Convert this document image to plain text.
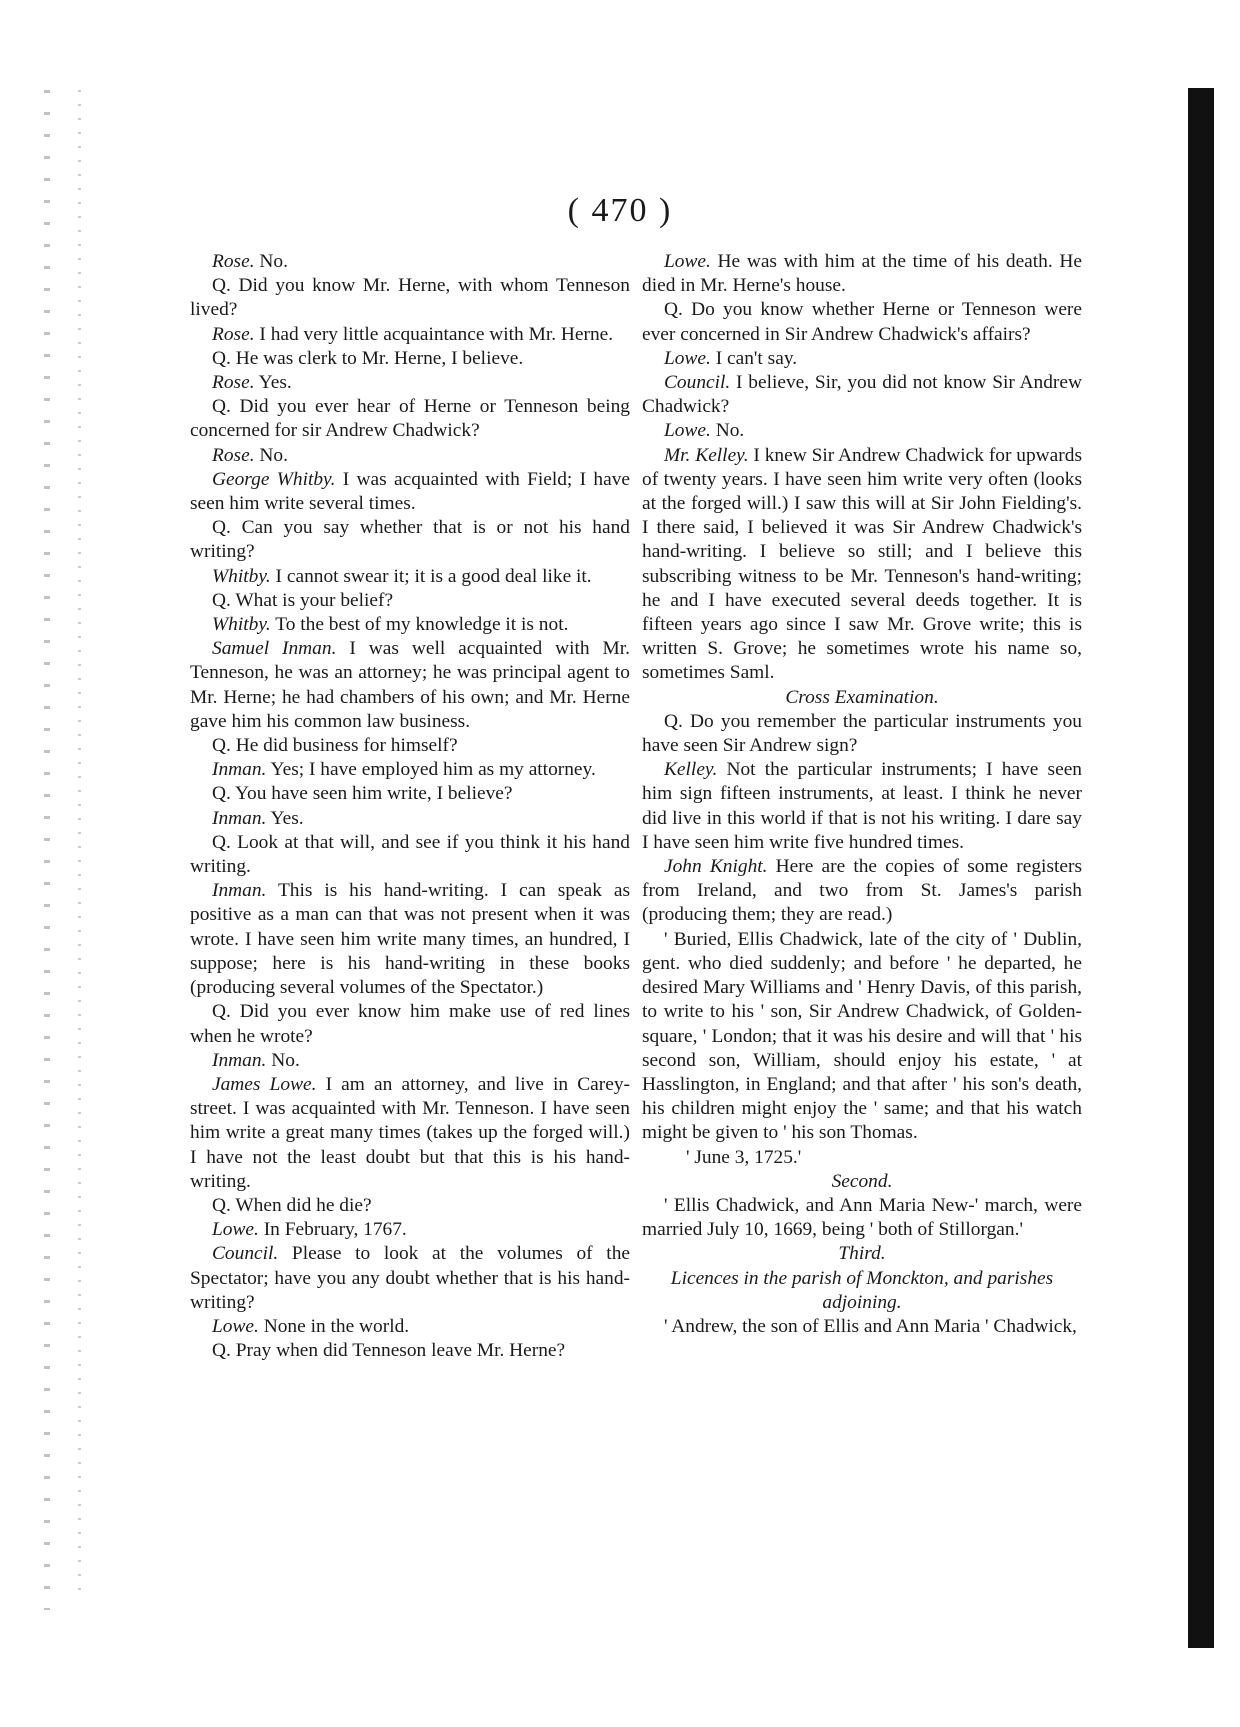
( 470 )

Rose. No.

Q. Did you know Mr. Herne, with whom Tenneson lived?

Rose. I had very little acquaintance with Mr. Herne.

Q. He was clerk to Mr. Herne, I believe.

Rose. Yes.

Q. Did you ever hear of Herne or Tenneson being concerned for sir Andrew Chadwick?

Rose. No.

George Whitby. I was acquainted with Field; I have seen him write several times.

Q. Can you say whether that is or not his hand writing?

Whitby. I cannot swear it; it is a good deal like it.

Q. What is your belief?

Whitby. To the best of my knowledge it is not.

Samuel Inman. I was well acquainted with Mr. Tenneson, he was an attorney; he was principal agent to Mr. Herne; he had chambers of his own; and Mr. Herne gave him his common law business.

Q. He did business for himself?

Inman. Yes; I have employed him as my attorney.

Q. You have seen him write, I believe?

Inman. Yes.

Q. Look at that will, and see if you think it his hand writing.

Inman. This is his hand-writing. I can speak as positive as a man can that was not present when it was wrote. I have seen him write many times, an hundred, I suppose; here is his hand-writing in these books (producing several volumes of the Spectator.)

Q. Did you ever know him make use of red lines when he wrote?

Inman. No.

James Lowe. I am an attorney, and live in Carey-street. I was acquainted with Mr. Tenneson. I have seen him write a great many times (takes up the forged will.) I have not the least doubt but that this is his hand-writing.

Q. When did he die?

Lowe. In February, 1767.

Council. Please to look at the volumes of the Spectator; have you any doubt whether that is his hand-writing?

Lowe. None in the world.

Q. Pray when did Tenneson leave Mr. Herne?

Lowe. He was with him at the time of his death. He died in Mr. Herne's house.

Q. Do you know whether Herne or Tenneson were ever concerned in Sir Andrew Chadwick's affairs?

Lowe. I can't say.

Council. I believe, Sir, you did not know Sir Andrew Chadwick?

Lowe. No.

Mr. Kelley. I knew Sir Andrew Chadwick for upwards of twenty years. I have seen him write very often (looks at the forged will.) I saw this will at Sir John Fielding's. I there said, I believed it was Sir Andrew Chadwick's hand-writing. I believe so still; and I believe this subscribing witness to be Mr. Tenneson's hand-writing; he and I have executed several deeds together. It is fifteen years ago since I saw Mr. Grove write; this is written S. Grove; he sometimes wrote his name so, sometimes Saml.

Cross Examination.

Q. Do you remember the particular instruments you have seen Sir Andrew sign?

Kelley. Not the particular instruments; I have seen him sign fifteen instruments, at least. I think he never did live in this world if that is not his writing. I dare say I have seen him write five hundred times.

John Knight. Here are the copies of some registers from Ireland, and two from St. James's parish (producing them; they are read.)

' Buried, Ellis Chadwick, late of the city of ' Dublin, gent. who died suddenly; and before ' he departed, he desired Mary Williams and ' Henry Davis, of this parish, to write to his ' son, Sir Andrew Chadwick, of Golden-square, ' London; that it was his desire and will that ' his second son, William, should enjoy his estate, ' at Hasslington, in England; and that after ' his son's death, his children might enjoy the ' same; and that his watch might be given to ' his son Thomas.

' June 3, 1725.'

Second.

' Ellis Chadwick, and Ann Maria New-' march, were married July 10, 1669, being ' both of Stillorgan.'

Third.

Licences in the parish of Monckton, and parishes adjoining.

' Andrew, the son of Ellis and Ann Maria ' Chadwick,
